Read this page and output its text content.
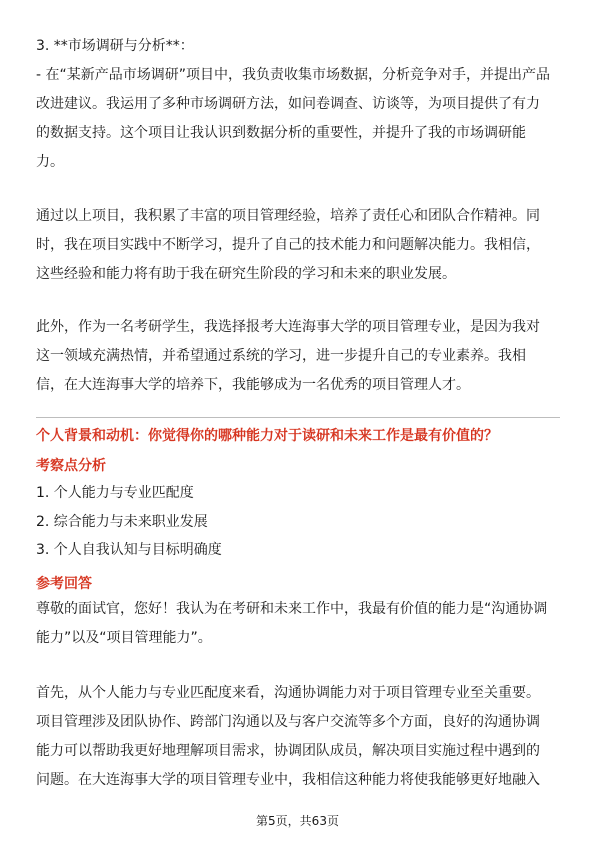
3. **市场调研与分析**：
- 在“某新产品市场调研”项目中，我负责收集市场数据，分析竞争对手，并提出产品
改进建议。我运用了多种市场调研方法，如问卷调查、访谈等，为项目提供了有力
的数据支持。这个项目让我认识到数据分析的重要性，并提升了我的市场调研能
力。
通过以上项目，我积累了丰富的项目管理经验，培养了责任心和团队合作精神。同
时，我在项目实践中不断学习，提升了自己的技术能力和问题解决能力。我相信，
这些经验和能力将有助于我在研究生阶段的学习和未来的职业发展。
此外，作为一名考研学生，我选择报考大连海事大学的项目管理专业，是因为我对
这一领域充满热情，并希望通过系统的学习，进一步提升自己的专业素养。我相
信，在大连海事大学的培养下，我能够成为一名优秀的项目管理人才。
个人背景和动机：你觉得你的哪种能力对于读研和未来工作是最有价值的？
考察点分析
1. 个人能力与专业匹配度
2. 综合能力与未来职业发展
3. 个人自我认知与目标明确度
参考回答
尊敬的面试官，您好！我认为在考研和未来工作中，我最有价值的能力是“沟通协调
能力”以及“项目管理能力”。
首先，从个人能力与专业匹配度来看，沟通协调能力对于项目管理专业至关重要。
项目管理涉及团队协作、跨部门沟通以及与客户交流等多个方面，良好的沟通协调
能力可以帮助我更好地理解项目需求，协调团队成员，解决项目实施过程中遇到的
问题。在大连海事大学的项目管理专业中，我相信这种能力将使我能够更好地融入
第5页，共63页
